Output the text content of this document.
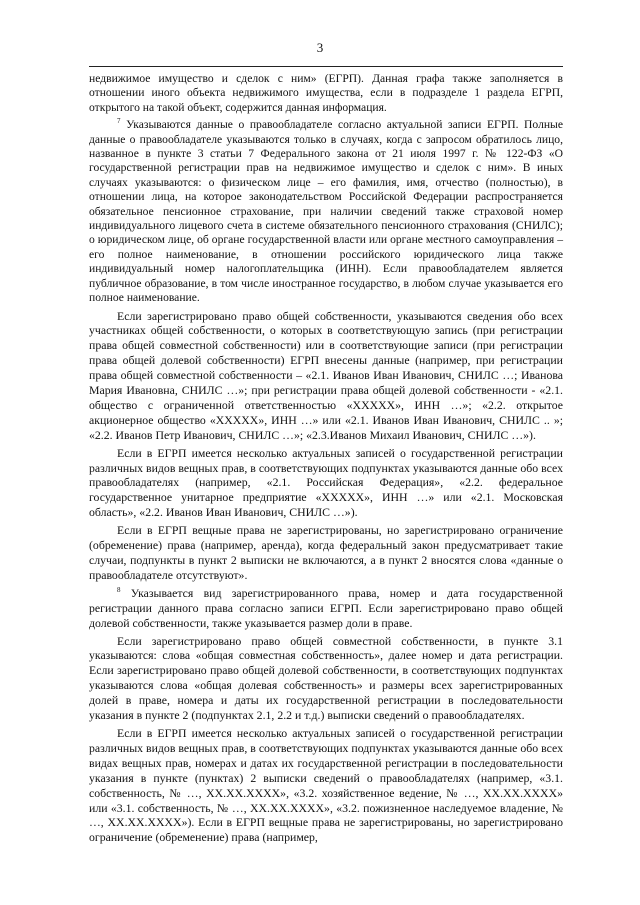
3

недвижимое имущество и сделок с ним» (ЕГРП). Данная графа также заполняется в отношении иного объекта недвижимого имущества, если в подразделе 1 раздела ЕГРП, открытого на такой объект, содержится данная информация.

$^7$ Указываются данные о правообладателе согласно актуальной записи ЕГРП. Полные данные о правообладателе указываются только в случаях, когда с запросом обратилось лицо, названное в пункте 3 статьи 7 Федерального закона от 21 июля 1997 г. № 122-ФЗ «О государственной регистрации прав на недвижимое имущество и сделок с ним». В иных случаях указываются: о физическом лице – его фамилия, имя, отчество (полностью), в отношении лица, на которое законодательством Российской Федерации распространяется обязательное пенсионное страхование, при наличии сведений также страховой номер индивидуального лицевого счета в системе обязательного пенсионного страхования (СНИЛС); о юридическом лице, об органе государственной власти или органе местного самоуправления – его полное наименование, в отношении российского юридического лица также индивидуальный номер налогоплательщика (ИНН). Если правообладателем является публичное образование, в том числе иностранное государство, в любом случае указывается его полное наименование.

Если зарегистрировано право общей собственности, указываются сведения обо всех участниках общей собственности, о которых в соответствующую запись (при регистрации права общей совместной собственности) или в соответствующие записи (при регистрации права общей долевой собственности) ЕГРП внесены данные (например, при регистрации права общей совместной собственности – «2.1. Иванов Иван Иванович, СНИЛС …; Иванова Мария Ивановна, СНИЛС …»; при регистрации права общей долевой собственности - «2.1. общество с ограниченной ответственностью «XXXXX», ИНН …»; «2.2. открытое акционерное общество «XXXXX», ИНН …» или «2.1. Иванов Иван Иванович, СНИЛС .. »; «2.2. Иванов Петр Иванович, СНИЛС …»; «2.3.Иванов Михаил Иванович, СНИЛС …»).

Если в ЕГРП имеется несколько актуальных записей о государственной регистрации различных видов вещных прав, в соответствующих подпунктах указываются данные обо всех правообладателях (например, «2.1. Российская Федерация», «2.2. федеральное государственное унитарное предприятие «XXXXX», ИНН …» или «2.1. Московская область», «2.2. Иванов Иван Иванович, СНИЛС …»).

Если в ЕГРП вещные права не зарегистрированы, но зарегистрировано ограничение (обременение) права (например, аренда), когда федеральный закон предусматривает такие случаи, подпункты в пункт 2 выписки не включаются, а в пункт 2 вносятся слова «данные о правообладателе отсутствуют».

$^8$ Указывается вид зарегистрированного права, номер и дата государственной регистрации данного права согласно записи ЕГРП. Если зарегистрировано право общей долевой собственности, также указывается размер доли в праве.

Если зарегистрировано право общей совместной собственности, в пункте 3.1 указываются: слова «общая совместная собственность», далее номер и дата регистрации. Если зарегистрировано право общей долевой собственности, в соответствующих подпунктах указываются слова «общая долевая собственность» и размеры всех зарегистрированных долей в праве, номера и даты их государственной регистрации в последовательности указания в пункте 2 (подпунктах 2.1, 2.2 и т.д.) выписки сведений о правообладателях.

Если в ЕГРП имеется несколько актуальных записей о государственной регистрации различных видов вещных прав, в соответствующих подпунктах указываются данные обо всех видах вещных прав, номерах и датах их государственной регистрации в последовательности указания в пункте (пунктах) 2 выписки сведений о правообладателях (например, «3.1. собственность, № …, XX.XX.XXXX», «3.2. хозяйственное ведение, № …, XX.XX.XXXX» или «3.1. собственность, № …, XX.XX.XXXX», «3.2. пожизненное наследуемое владение, № …, XX.XX.XXXX»). Если в ЕГРП вещные права не зарегистрированы, но зарегистрировано ограничение (обременение) права (например,
